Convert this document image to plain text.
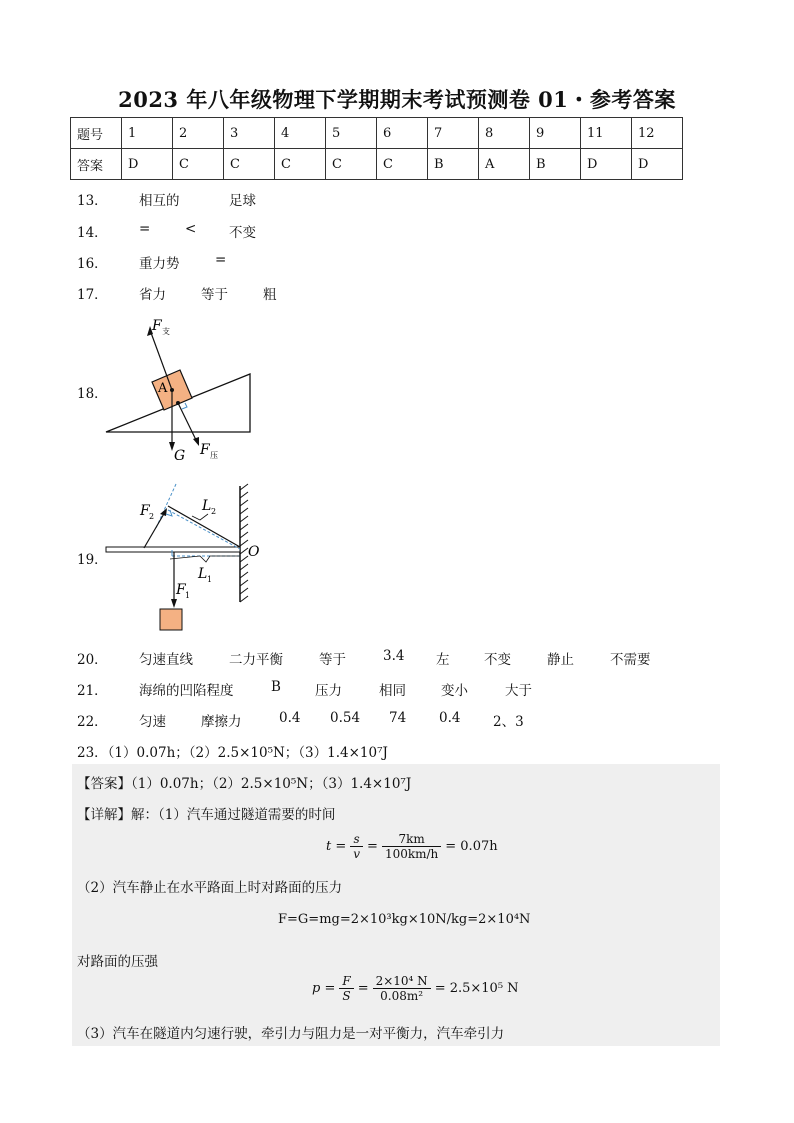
2023 年八年级物理下学期期末考试预测卷 01・参考答案
题号	1	2	3	4	5	6	7	8	9	11	12
答案	D	C	C	C	C	C	B	A	B	D	D
13． 相互的	足球
14． =	< 不变
16． 重力势	=
17． 省力	等于	粗
18．
F 支
A
G F 压
19．
F 2
L 2
O
L 1
F 1
20． 匀速直线	二力平衡	等于	3.4 左	不变	静止	不需要
21． 海绵的凹陷程度	B	压力	相同	变小	大于
22． 匀速	摩擦力	0.4 0.54 74 0.4 2、3
23．（1）0.07h；（2）2.5×10⁵N；（3）1.4×10⁷J
【答案】（1）0.07h；（2）2.5×10⁵N；（3）1.4×10⁷J
【详解】解：（1）汽车通过隧道需要的时间
$t = \frac{s}{v} = \frac{7km}{100km/h} = 0.07h$
（2）汽车静止在水平路面上时对路面的压力
F=G=mg=2×10³kg×10N/kg=2×10⁴N
对路面的压强
$p = \frac{F}{S} = \frac{\text{2×10⁴ N}}{\text{0.08m²}} = 2.5\times 10^5$ N
（3）汽车在隧道内匀速行驶，牵引力与阻力是一对平衡力，汽车牵引力
